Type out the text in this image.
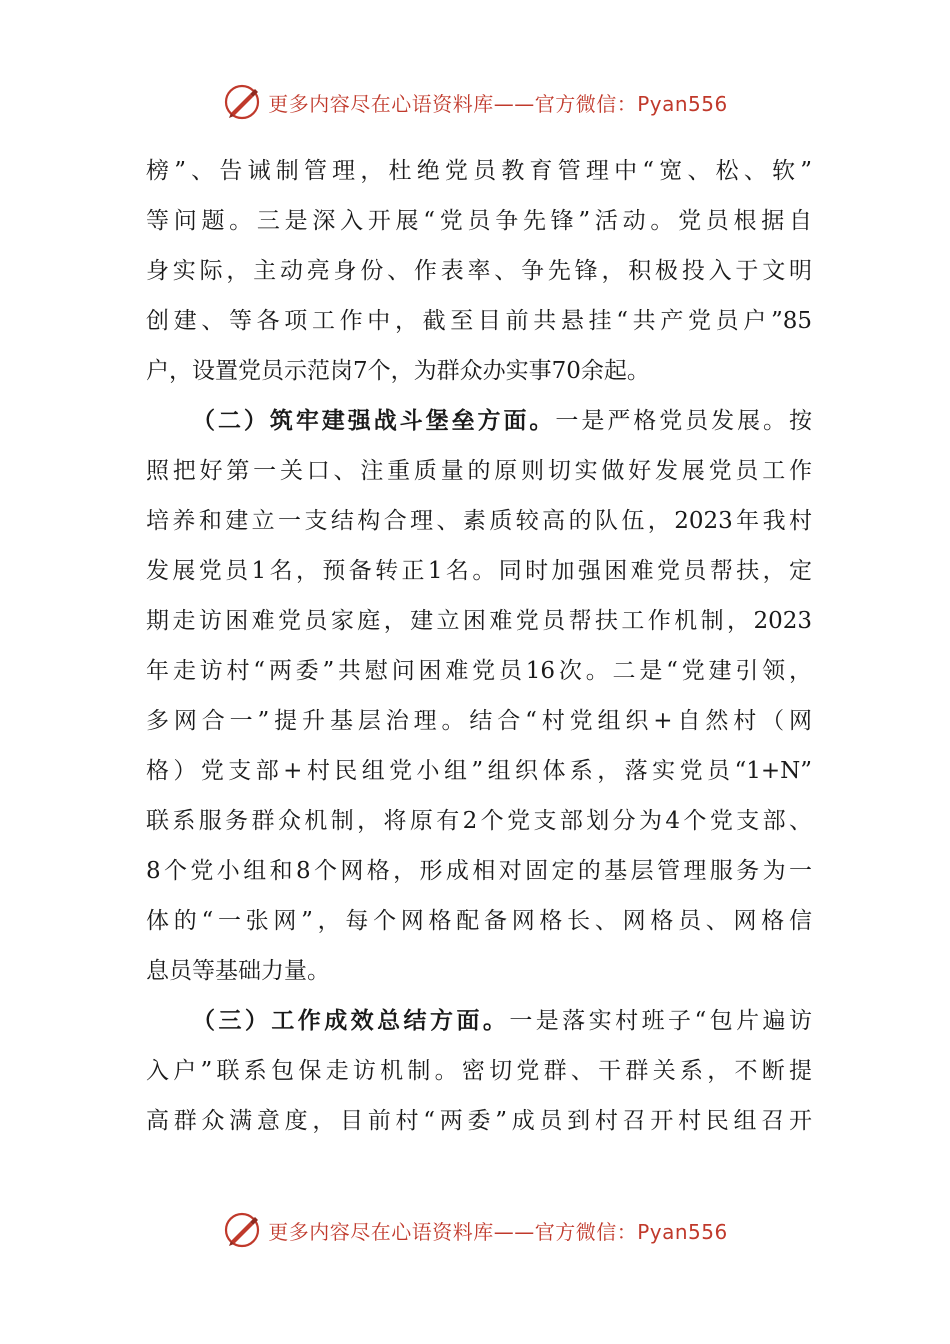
更多内容尽在心语资料库——官方微信：Pyan556
榜”、告诫制管理，杜绝党员教育管理中“宽、松、软”
等问题。三是深入开展“党员争先锋”活动。党员根据自
身实际，主动亮身份、作表率、争先锋，积极投入于文明
创建、等各项工作中，截至目前共悬挂“共产党员户”85
户，设置党员示范岗7个，为群众办实事70余起。
（二）筑牢建强战斗堡垒方面。一是严格党员发展。按
照把好第一关口、注重质量的原则切实做好发展党员工作
培养和建立一支结构合理、素质较高的队伍，2023年我村
发展党员1名，预备转正1名。同时加强困难党员帮扶，定
期走访困难党员家庭，建立困难党员帮扶工作机制，2023
年走访村“两委”共慰问困难党员16次。二是“党建引领，
多网合一”提升基层治理。结合“村党组织+自然村（网
格）党支部+村民组党小组”组织体系，落实党员“1+N”
联系服务群众机制，将原有2个党支部划分为4个党支部、
8个党小组和8个网格，形成相对固定的基层管理服务为一
体的“一张网”，每个网格配备网格长、网格员、网格信
息员等基础力量。
（三）工作成效总结方面。一是落实村班子“包片遍访
入户”联系包保走访机制。密切党群、干群关系，不断提
高群众满意度，目前村“两委”成员到村召开村民组召开
更多内容尽在心语资料库——官方微信：Pyan556
